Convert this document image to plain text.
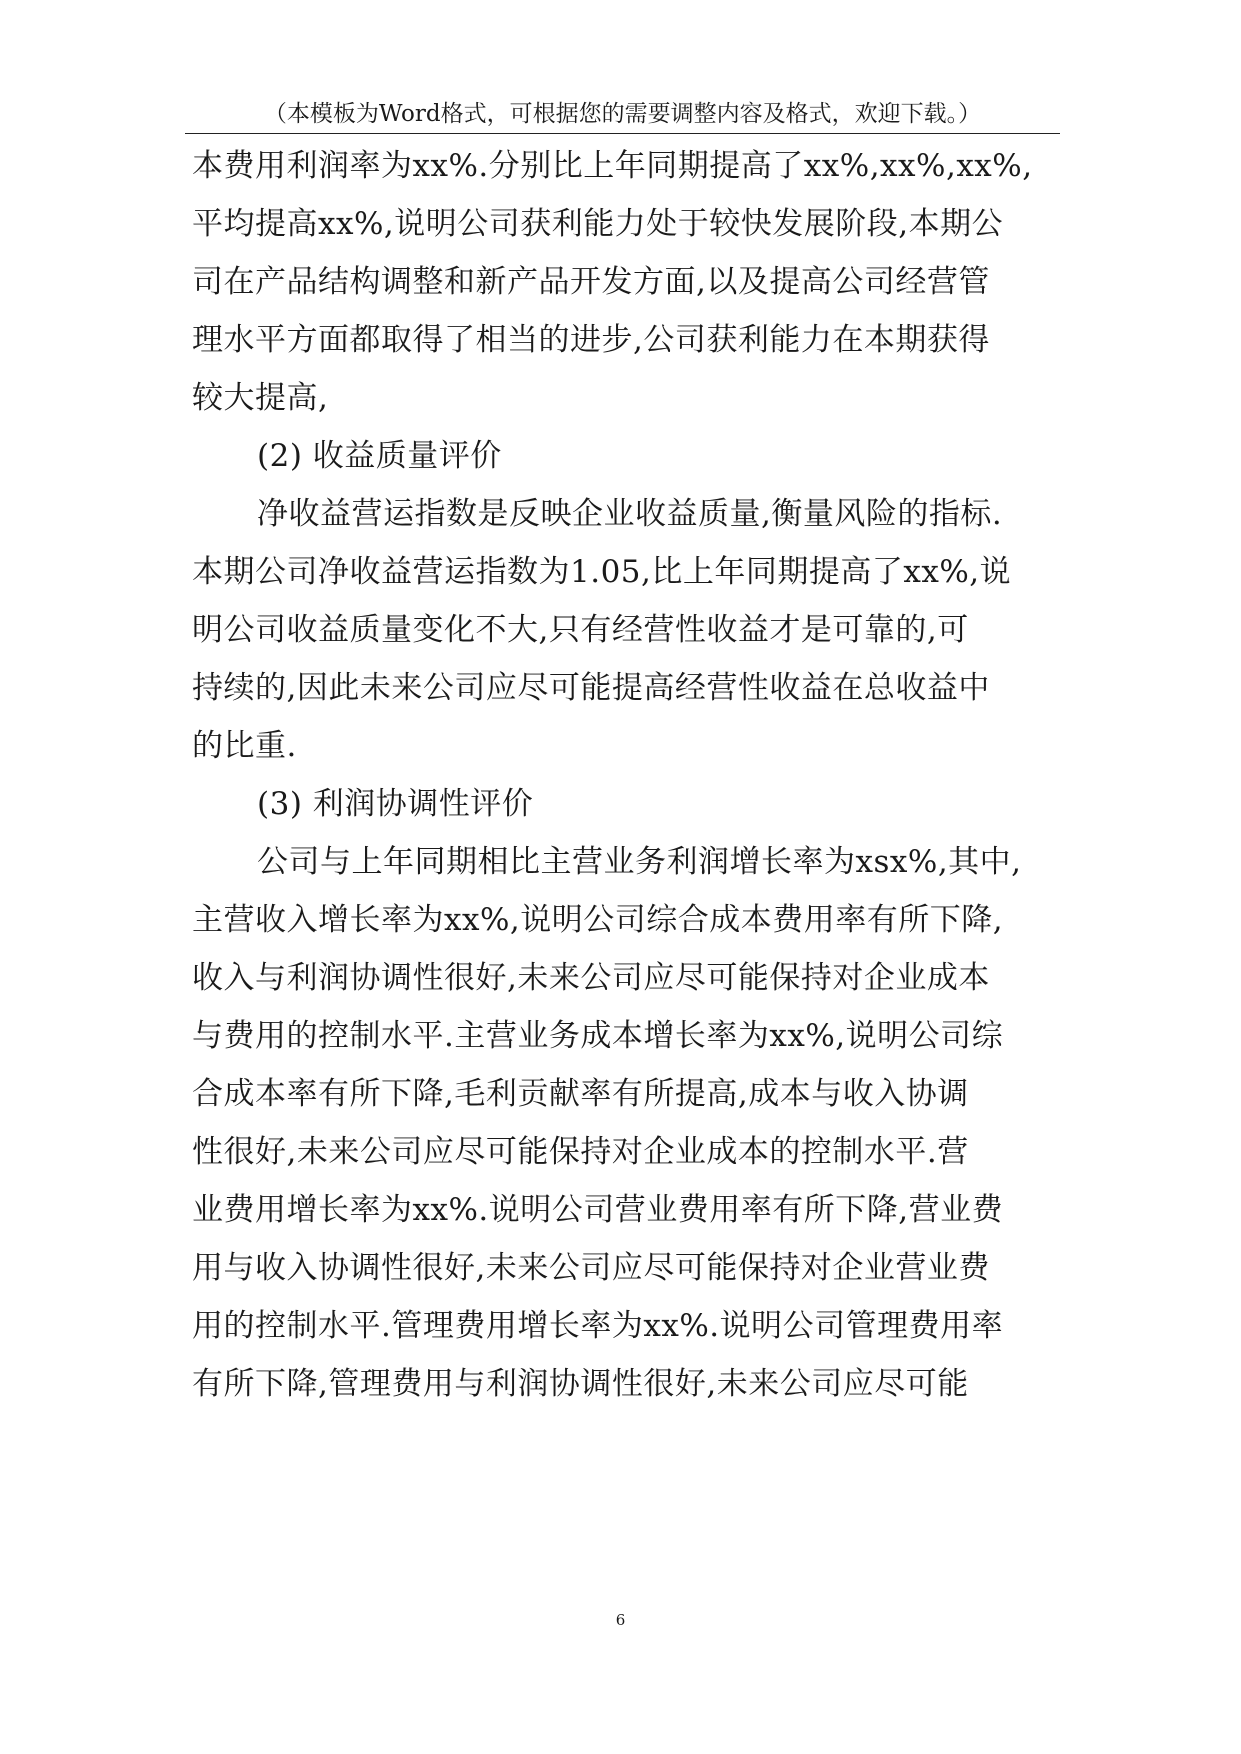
（本模板为Word格式，可根据您的需要调整内容及格式，欢迎下载。）
本费用利润率为xx%.分别比上年同期提高了xx%,xx%,xx%,
平均提高xx%,说明公司获利能力处于较快发展阶段,本期公
司在产品结构调整和新产品开发方面,以及提高公司经营管
理水平方面都取得了相当的进步,公司获利能力在本期获得
较大提高,
(2) 收益质量评价
净收益营运指数是反映企业收益质量,衡量风险的指标.
本期公司净收益营运指数为1.05,比上年同期提高了xx%,说
明公司收益质量变化不大,只有经营性收益才是可靠的,可
持续的,因此未来公司应尽可能提高经营性收益在总收益中
的比重.
(3) 利润协调性评价
公司与上年同期相比主营业务利润增长率为xsx%,其中,
主营收入增长率为xx%,说明公司综合成本费用率有所下降,
收入与利润协调性很好,未来公司应尽可能保持对企业成本
与费用的控制水平.主营业务成本增长率为xx%,说明公司综
合成本率有所下降,毛利贡献率有所提高,成本与收入协调
性很好,未来公司应尽可能保持对企业成本的控制水平.营
业费用增长率为xx%.说明公司营业费用率有所下降,营业费
用与收入协调性很好,未来公司应尽可能保持对企业营业费
用的控制水平.管理费用增长率为xx%.说明公司管理费用率
有所下降,管理费用与利润协调性很好,未来公司应尽可能
6
